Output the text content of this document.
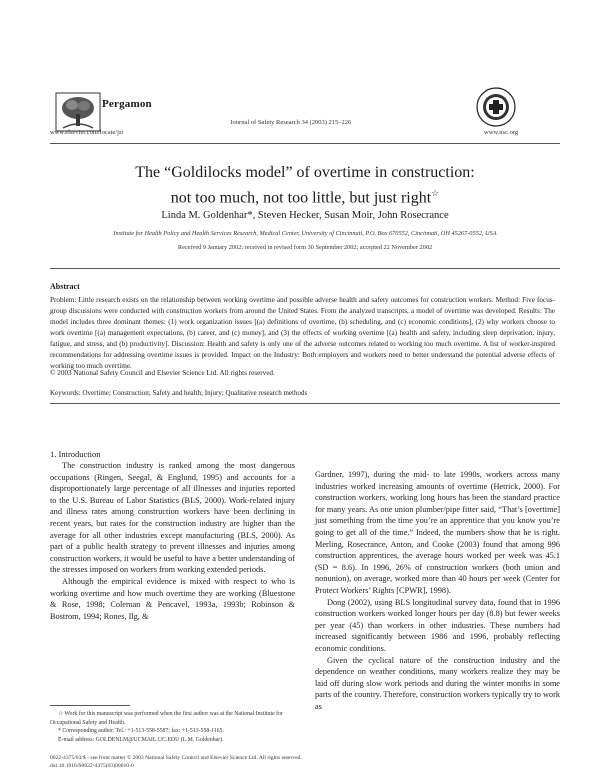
Pergamon
www.elsevier.com/locate/jsr
Journal of Safety Research 34 (2003) 215–226
www.nsc.org
The “Goldilocks model” of overtime in construction:
not too much, not too little, but just right☆
Linda M. Goldenhar*, Steven Hecker, Susan Moir, John Rosecrance
Institute for Health Policy and Health Services Research, Medical Center, University of Cincinnati, P.O. Box 670552, Cincinnati, OH 45267-0552, USA
Received 9 January 2002; received in revised form 30 September 2002; accepted 22 November 2002
Abstract
Problem: Little research exists on the relationship between working overtime and possible adverse health and safety outcomes for construction workers. Method: Five focus-group discussions were conducted with construction workers from around the United States. From the analyzed transcripts, a model of overtime was developed. Results: The model includes three dominant themes: (1) work organization issues [(a) definitions of overtime, (b) scheduling, and (c) economic conditions], (2) why workers choose to work overtime [(a) management expectations, (b) career, and (c) money], and (3) the effects of working overtime [(a) health and safety, including sleep deprivation, injury, fatigue, and stress, and (b) productivity]. Discussion: Health and safety is only one of the adverse outcomes related to working too much overtime. A list of worker-inspired recommendations for addressing overtime issues is provided. Impact on the Industry: Both employers and workers need to better understand the potential adverse effects of working too much overtime.
© 2003 National Safety Council and Elsevier Science Ltd. All rights reserved.
Keywords: Overtime; Construction; Safety and health; Injury; Qualitative research methods
1. Introduction

The construction industry is ranked among the most dangerous occupations (Ringen, Seegal, & Englund, 1995) and accounts for a disproportionately large percentage of all illnesses and injuries reported to the U.S. Bureau of Labor Statistics (BLS, 2000). Work-related injury and illness rates among construction workers have been declining in recent years, but rates for the construction industry are higher than the average for all other industries except manufacturing (BLS, 2000). As part of a public health strategy to prevent illnesses and injuries among construction workers, it would be useful to have a better understanding of the stresses imposed on workers from working extended periods.

Although the empirical evidence is mixed with respect to who is working overtime and how much overtime they are working (Bluestone & Rose, 1998; Coleman & Pencavel, 1993a, 1993b; Robinson & Bostrom, 1994; Rones, Ilg, &

Gardner, 1997), during the mid- to late 1990s, workers across many industries worked increasing amounts of overtime (Hetrick, 2000). For construction workers, working long hours has been the standard practice for many years. As one union plumber/pipe fitter said, “That’s [overtime] just something from the time you’re an apprentice that you know you’re going to get all of the time.” Indeed, the numbers show that he is right. Merling, Rosecrance, Anton, and Cooke (2003) found that among 996 construction apprentices, the average hours worked per week was 45.1 (SD = 8.6). In 1996, 26% of construction workers (both union and nonunion), on average, worked more than 40 hours per week (Center for Protect Workers’ Rights [CPWR], 1998).

Dong (2002), using BLS longitudinal survey data, found that in 1996 construction workers worked longer hours per day (8.8) but fewer weeks per year (45) than workers in other industries. These numbers had increased significantly between 1986 and 1996, probably reflecting economic conditions.

Given the cyclical nature of the construction industry and the dependence on weather conditions, many workers realize they may be laid off during slow work periods and during the winter months in some parts of the country. Therefore, construction workers typically try to work as

☆ Work for this manuscript was performed when the first author was at the National Institute for Occupational Safety and Health.

* Corresponding author. Tel.: +1-513-558-5587; fax: +1-513-558-1165.

E-mail address: GOLDENLM@UCMAIL.UC.EDU (L.M. Goldenhar).

0022-4375/03/$ - see front matter © 2003 National Safety Council and Elsevier Science Ltd. All rights reserved.
doi:10.1016/S0022-4375(03)00010-0
